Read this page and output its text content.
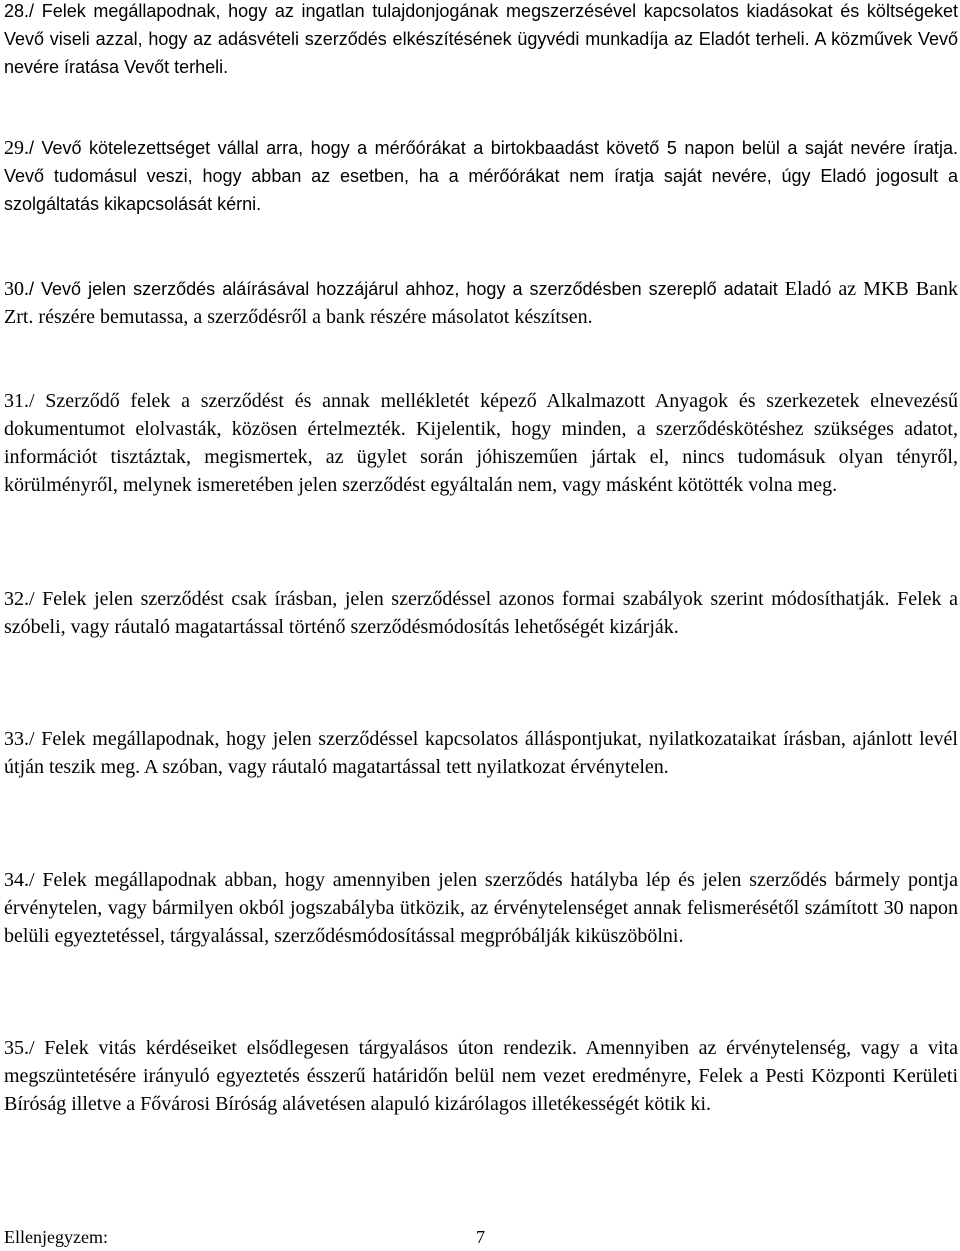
28./ Felek megállapodnak, hogy az ingatlan tulajdonjogának megszerzésével kapcsolatos kiadásokat és költségeket Vevő viseli azzal, hogy az adásvételi szerződés elkészítésének ügyvédi munkadíja az Eladót terheli. A közművek Vevő nevére íratása Vevőt terheli.

29./ Vevő kötelezettséget vállal arra, hogy a mérőórákat a birtokbaadást követő 5 napon belül a saját nevére íratja. Vevő tudomásul veszi, hogy abban az esetben, ha a mérőórákat nem íratja saját nevére, úgy Eladó jogosult a szolgáltatás kikapcsolását kérni.

30./ Vevő jelen szerződés aláírásával hozzájárul ahhoz, hogy a szerződésben szereplő adatait Eladó az MKB Bank Zrt. részére bemutassa, a szerződésről a bank részére másolatot készítsen.

31./ Szerződő felek a szerződést és annak mellékletét képező Alkalmazott Anyagok és szerkezetek elnevezésű dokumentumot elolvasták, közösen értelmezték. Kijelentik, hogy minden, a szerződéskötéshez szükséges adatot, információt tisztáztak, megismertek, az ügylet során jóhiszeműen jártak el, nincs tudomásuk olyan tényről, körülményről, melynek ismeretében jelen szerződést egyáltalán nem, vagy másként kötötték volna meg.

32./ Felek jelen szerződést csak írásban, jelen szerződéssel azonos formai szabályok szerint módosíthatják. Felek a szóbeli, vagy ráutaló magatartással történő szerződésmódosítás lehetőségét kizárják.

33./ Felek megállapodnak, hogy jelen szerződéssel kapcsolatos álláspontjukat, nyilatkozataikat írásban, ajánlott levél útján teszik meg. A szóban, vagy ráutaló magatartással tett nyilatkozat érvénytelen.

34./ Felek megállapodnak abban, hogy amennyiben jelen szerződés hatályba lép és jelen szerződés bármely pontja érvénytelen, vagy bármilyen okból jogszabályba ütközik, az érvénytelenséget annak felismerésétől számított 30 napon belüli egyeztetéssel, tárgyalással, szerződésmódosítással megpróbálják kiküszöbölni.

35./ Felek vitás kérdéseiket elsődlegesen tárgyalásos úton rendezik. Amennyiben az érvénytelenség, vagy a vita megszüntetésére irányuló egyeztetés ésszerű határidőn belül nem vezet eredményre, Felek a Pesti Központi Kerületi Bíróság illetve a Fővárosi Bíróság alávetésen alapuló kizárólagos illetékességét kötik ki.

Ellenjegyzem:	7
